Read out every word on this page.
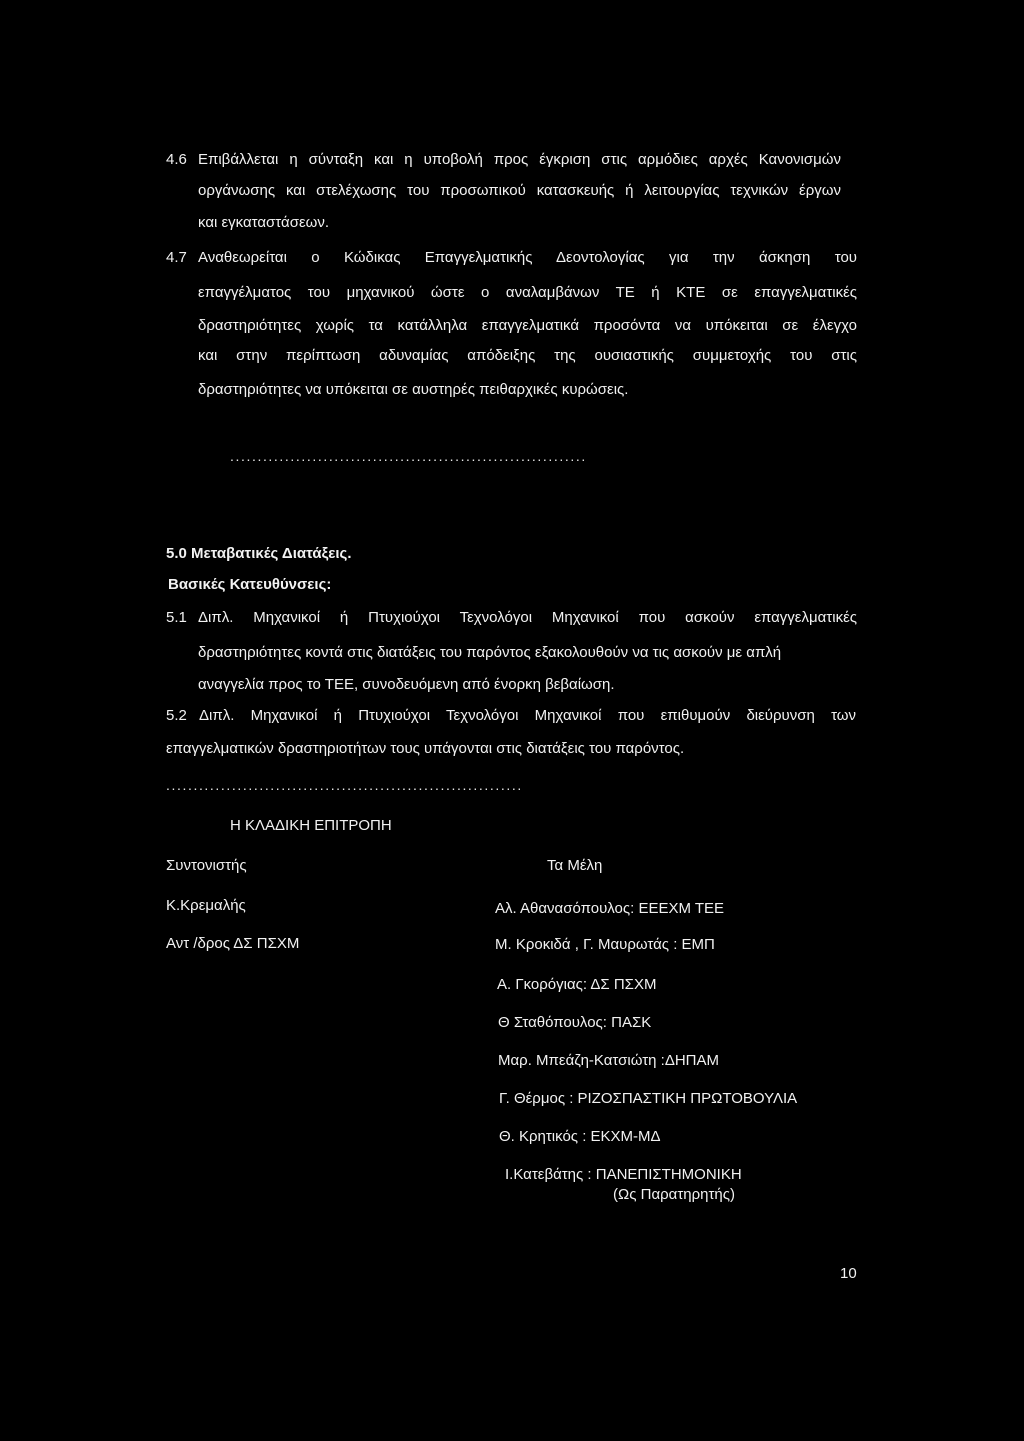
4.6 Επιβάλλεται η σύνταξη και η υποβολή προς έγκριση στις αρμόδιες αρχές Κανονισμών
οργάνωσης και στελέχωσης του προσωπικού κατασκευής ή λειτουργίας τεχνικών έργων
και εγκαταστάσεων.
4.7 Αναθεωρείται ο Κώδικας Επαγγελματικής Δεοντολογίας για την άσκηση του
επαγγέλματος του μηχανικού ώστε ο αναλαμβάνων ΤΕ ή ΚΤΕ σε επαγγελματικές
δραστηριότητες χωρίς τα κατάλληλα επαγγελματικά προσόντα να υπόκειται σε έλεγχο
και στην περίπτωση αδυναμίας απόδειξης της ουσιαστικής συμμετοχής του στις
δραστηριότητες να υπόκειται σε αυστηρές πειθαρχικές κυρώσεις.
.................................................................
5.0 Μεταβατικές Διατάξεις.
Βασικές Κατευθύνσεις:
5.1 Διπλ. Μηχανικοί ή Πτυχιούχοι Τεχνολόγοι Μηχανικοί που ασκούν επαγγελματικές
δραστηριότητες κοντά στις διατάξεις του παρόντος εξακολουθούν να τις ασκούν με απλή
αναγγελία προς το ΤΕΕ, συνοδευόμενη από ένορκη βεβαίωση.
5.2 Διπλ. Μηχανικοί ή Πτυχιούχοι Τεχνολόγοι Μηχανικοί που επιθυμούν διεύρυνση των
επαγγελματικών δραστηριοτήτων τους υπάγονται στις διατάξεις του παρόντος.
.................................................................
Η ΚΛΑΔΙΚΗ ΕΠΙΤΡΟΠΗ
Συντονιστής
Κ.Κρεμαλής
Αντ /δρος ΔΣ ΠΣΧΜ
Τα Μέλη
Αλ. Αθανασόπουλος: ΕΕΕΧΜ ΤΕΕ
Μ. Κροκιδά , Γ. Μαυρωτάς : ΕΜΠ
Α. Γκορόγιας: ΔΣ ΠΣΧΜ
Θ Σταθόπουλος: ΠΑΣΚ
Μαρ. Μπεάζη-Κατσιώτη :ΔΗΠΑΜ
Γ. Θέρμος : ΡΙΖΟΣΠΑΣΤΙΚΗ ΠΡΩΤΟΒΟΥΛΙΑ
Θ. Κρητικός : ΕΚΧΜ-ΜΔ
Ι.Κατεβάτης : ΠΑΝΕΠΙΣΤΗΜΟΝΙΚΗ
(Ως Παρατηρητής)
10
